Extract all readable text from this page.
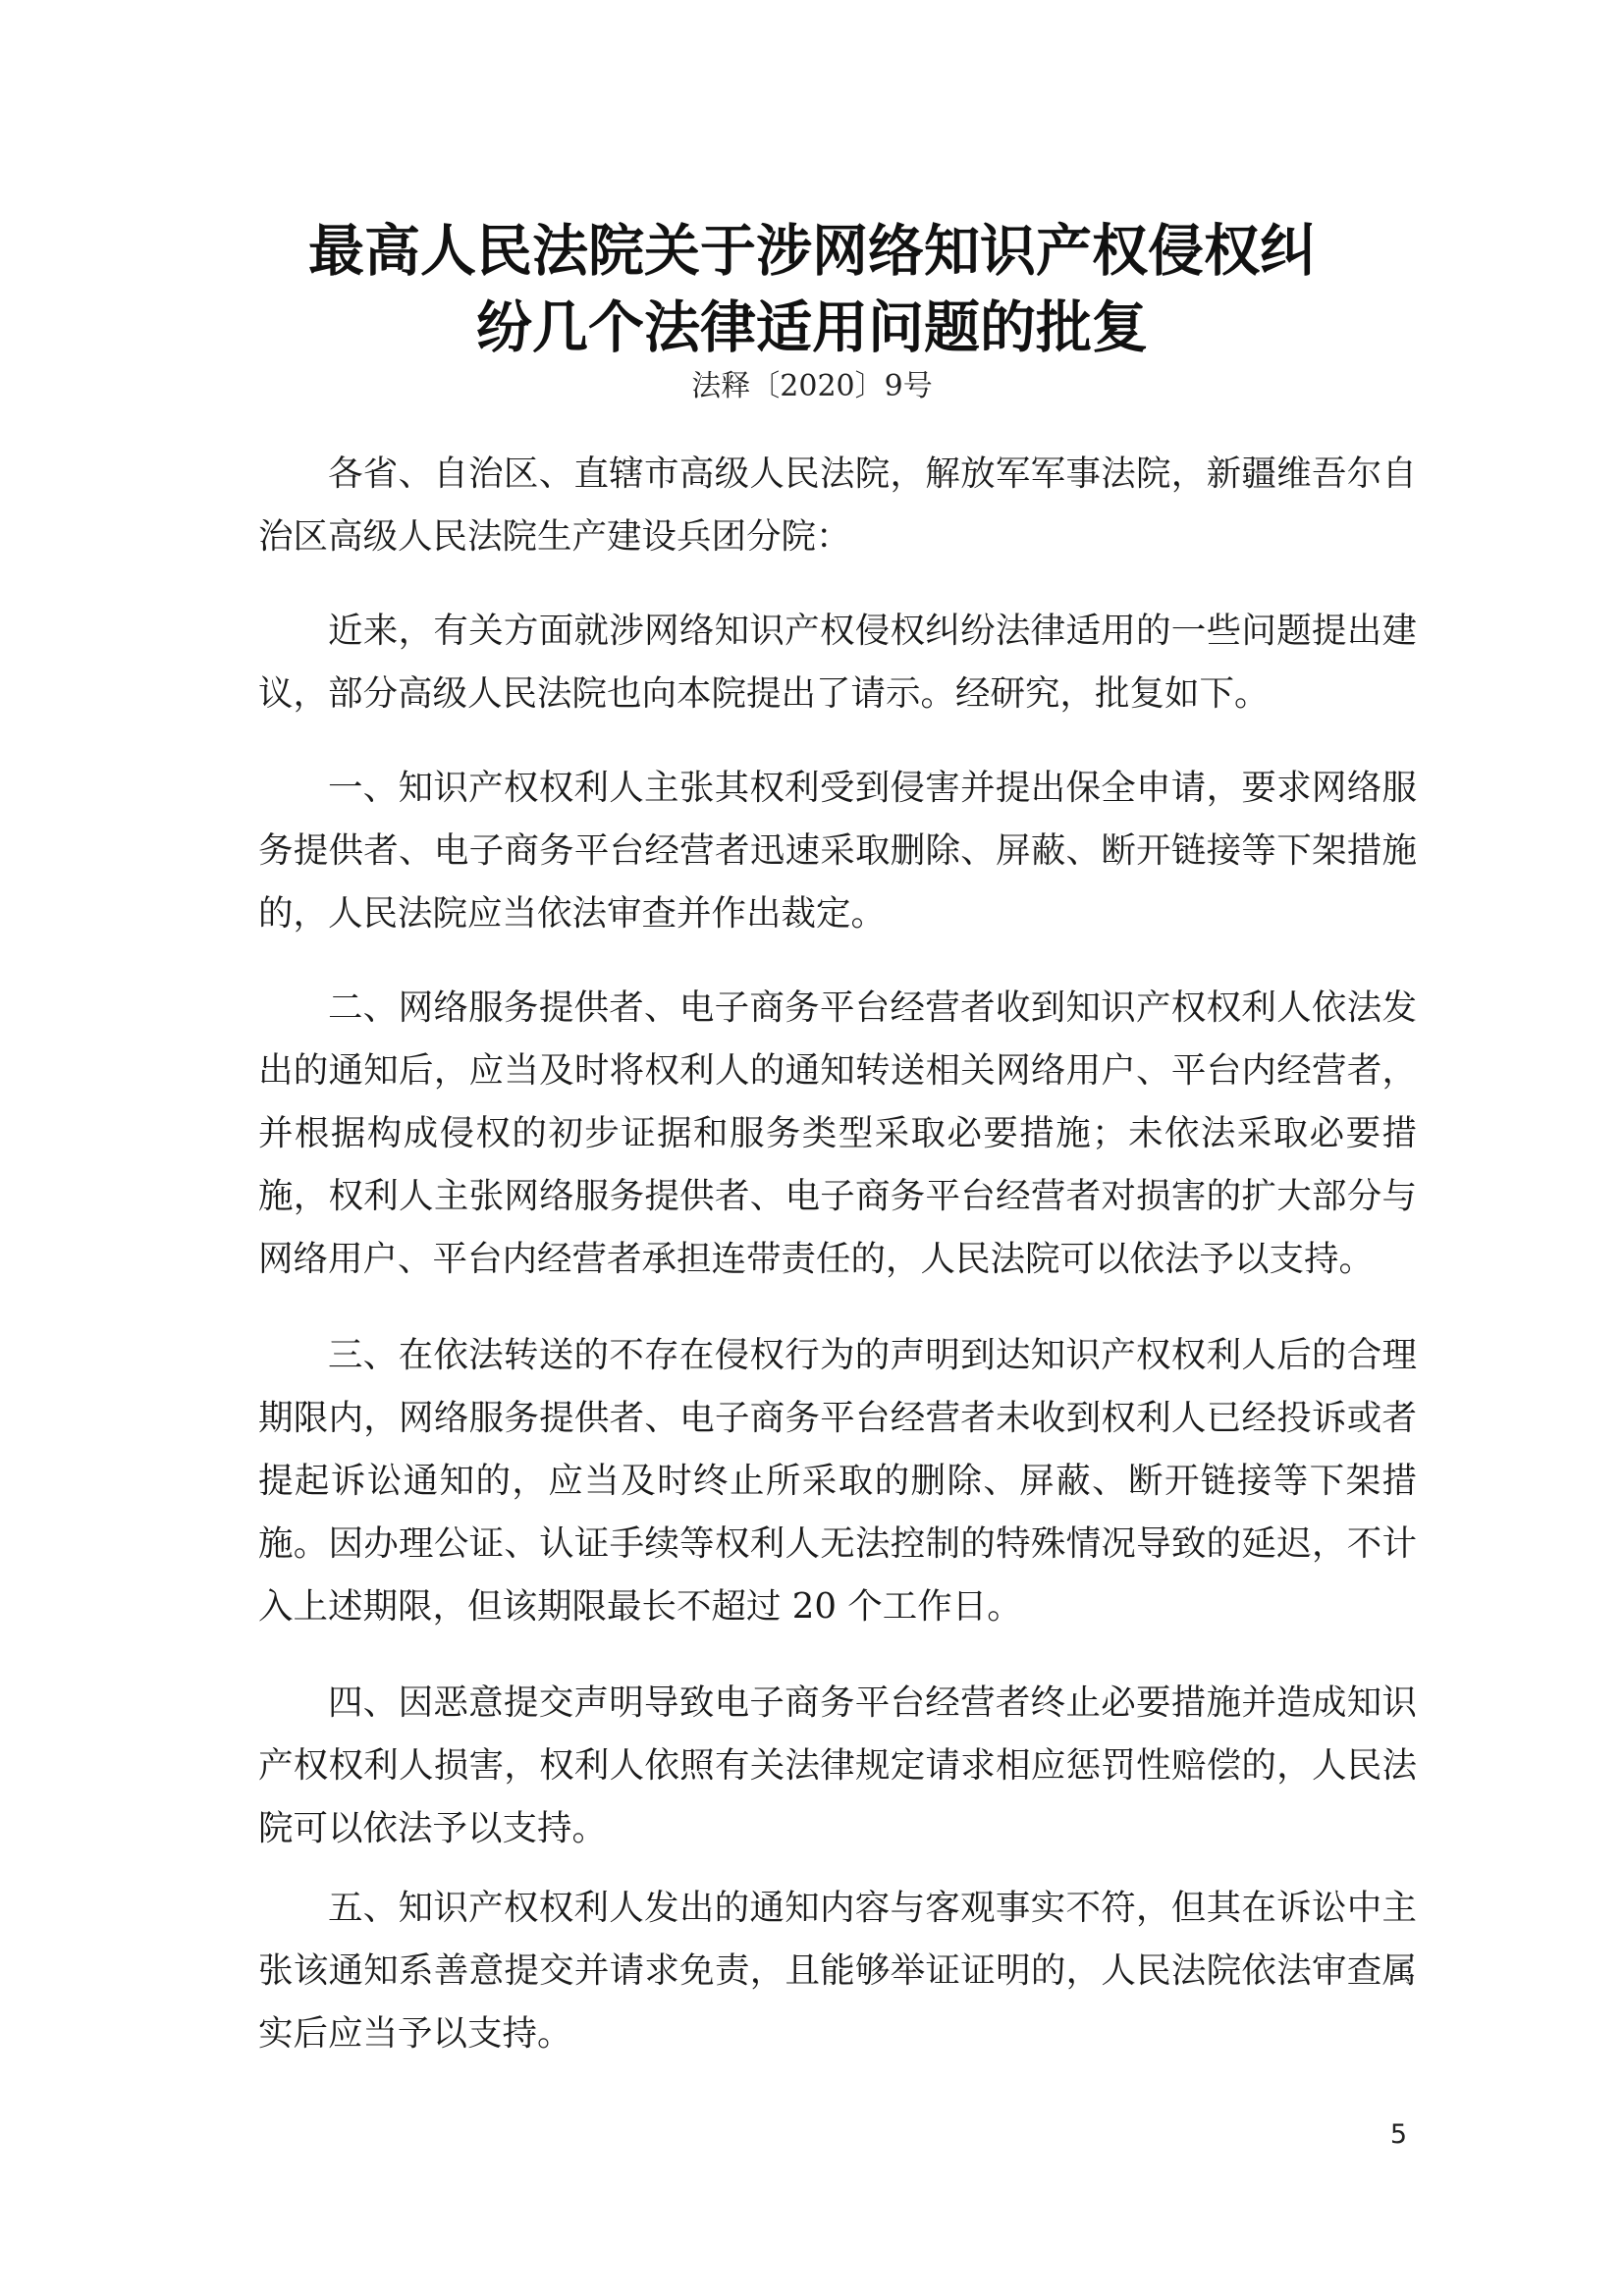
最高人民法院关于涉网络知识产权侵权纠
纷几个法律适用问题的批复
法释〔2020〕9号

各省、自治区、直辖市高级人民法院，解放军军事法院，新疆维吾尔自治区高级人民法院生产建设兵团分院：

近来，有关方面就涉网络知识产权侵权纠纷法律适用的一些问题提出建议，部分高级人民法院也向本院提出了请示。经研究，批复如下。

一、知识产权权利人主张其权利受到侵害并提出保全申请，要求网络服务提供者、电子商务平台经营者迅速采取删除、屏蔽、断开链接等下架措施的，人民法院应当依法审查并作出裁定。

二、网络服务提供者、电子商务平台经营者收到知识产权权利人依法发出的通知后，应当及时将权利人的通知转送相关网络用户、平台内经营者，并根据构成侵权的初步证据和服务类型采取必要措施；未依法采取必要措施，权利人主张网络服务提供者、电子商务平台经营者对损害的扩大部分与网络用户、平台内经营者承担连带责任的，人民法院可以依法予以支持。

三、在依法转送的不存在侵权行为的声明到达知识产权权利人后的合理期限内，网络服务提供者、电子商务平台经营者未收到权利人已经投诉或者提起诉讼通知的，应当及时终止所采取的删除、屏蔽、断开链接等下架措施。因办理公证、认证手续等权利人无法控制的特殊情况导致的延迟，不计入上述期限，但该期限最长不超过 20 个工作日。

四、因恶意提交声明导致电子商务平台经营者终止必要措施并造成知识产权权利人损害，权利人依照有关法律规定请求相应惩罚性赔偿的，人民法院可以依法予以支持。

五、知识产权权利人发出的通知内容与客观事实不符，但其在诉讼中主张该通知系善意提交并请求免责，且能够举证证明的，人民法院依法审查属实后应当予以支持。

5
